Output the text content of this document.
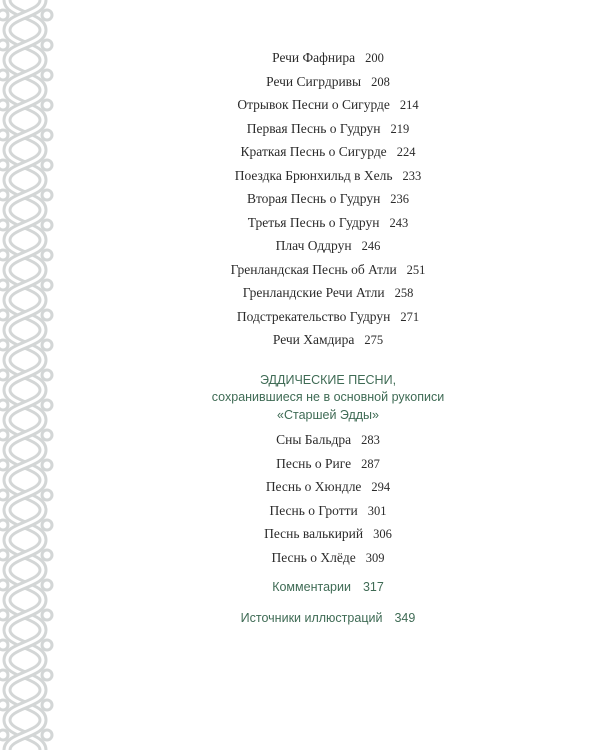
Речи Фафнира 200
Речи Сигрдривы 208
Отрывок Песни о Сигурде 214
Первая Песнь о Гудрун 219
Краткая Песнь о Сигурде 224
Поездка Брюнхильд в Хель 233
Вторая Песнь о Гудрун 236
Третья Песнь о Гудрун 243
Плач Оддрун 246
Гренландская Песнь об Атли 251
Гренландские Речи Атли 258
Подстрекательство Гудрун 271
Речи Хамдира 275
ЭДДИЧЕСКИЕ ПЕСНИ,
сохранившиеся не в основной рукописи
«Старшей Эдды»
Сны Бальдра 283
Песнь о Риге 287
Песнь о Хюндле 294
Песнь о Гротти 301
Песнь валькирий 306
Песнь о Хлёде 309
Комментарии 317
Источники иллюстраций 349
